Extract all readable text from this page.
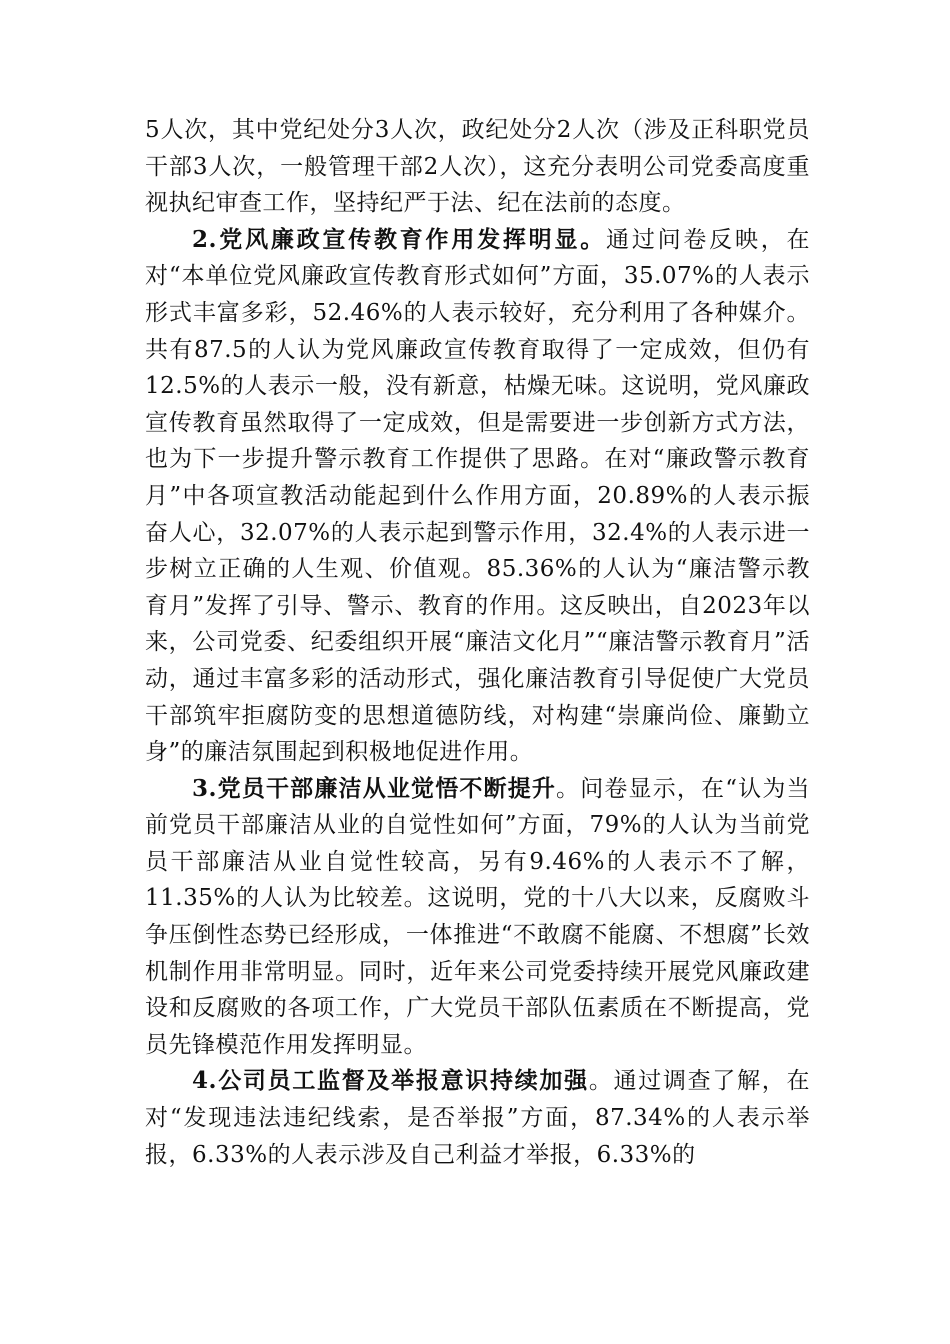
5人次，其中党纪处分3人次，政纪处分2人次（涉及正科职党员干部3人次，一般管理干部2人次），这充分表明公司党委高度重视执纪审查工作，坚持纪严于法、纪在法前的态度。

2.党风廉政宣传教育作用发挥明显。通过问卷反映，在对“本单位党风廉政宣传教育形式如何”方面，35.07%的人表示形式丰富多彩，52.46%的人表示较好，充分利用了各种媒介。共有87.5的人认为党风廉政宣传教育取得了一定成效，但仍有12.5%的人表示一般，没有新意，枯燥无味。这说明，党风廉政宣传教育虽然取得了一定成效，但是需要进一步创新方式方法，也为下一步提升警示教育工作提供了思路。在对“廉政警示教育月”中各项宣教活动能起到什么作用方面，20.89%的人表示振奋人心，32.07%的人表示起到警示作用，32.4%的人表示进一步树立正确的人生观、价值观。85.36%的人认为“廉洁警示教育月”发挥了引导、警示、教育的作用。这反映出，自2023年以来，公司党委、纪委组织开展“廉洁文化月”“廉洁警示教育月”活动，通过丰富多彩的活动形式，强化廉洁教育引导促使广大党员干部筑牢拒腐防变的思想道德防线，对构建“崇廉尚俭、廉勤立身”的廉洁氛围起到积极地促进作用。

3.党员干部廉洁从业觉悟不断提升。问卷显示，在“认为当前党员干部廉洁从业的自觉性如何”方面，79%的人认为当前党员干部廉洁从业自觉性较高，另有9.46%的人表示不了解，11.35%的人认为比较差。这说明，党的十八大以来，反腐败斗争压倒性态势已经形成，一体推进“不敢腐不能腐、不想腐”长效机制作用非常明显。同时，近年来公司党委持续开展党风廉政建设和反腐败的各项工作，广大党员干部队伍素质在不断提高，党员先锋模范作用发挥明显。

4.公司员工监督及举报意识持续加强。通过调查了解，在对“发现违法违纪线索，是否举报”方面，87.34%的人表示举报，6.33%的人表示涉及自己利益才举报，6.33%的
